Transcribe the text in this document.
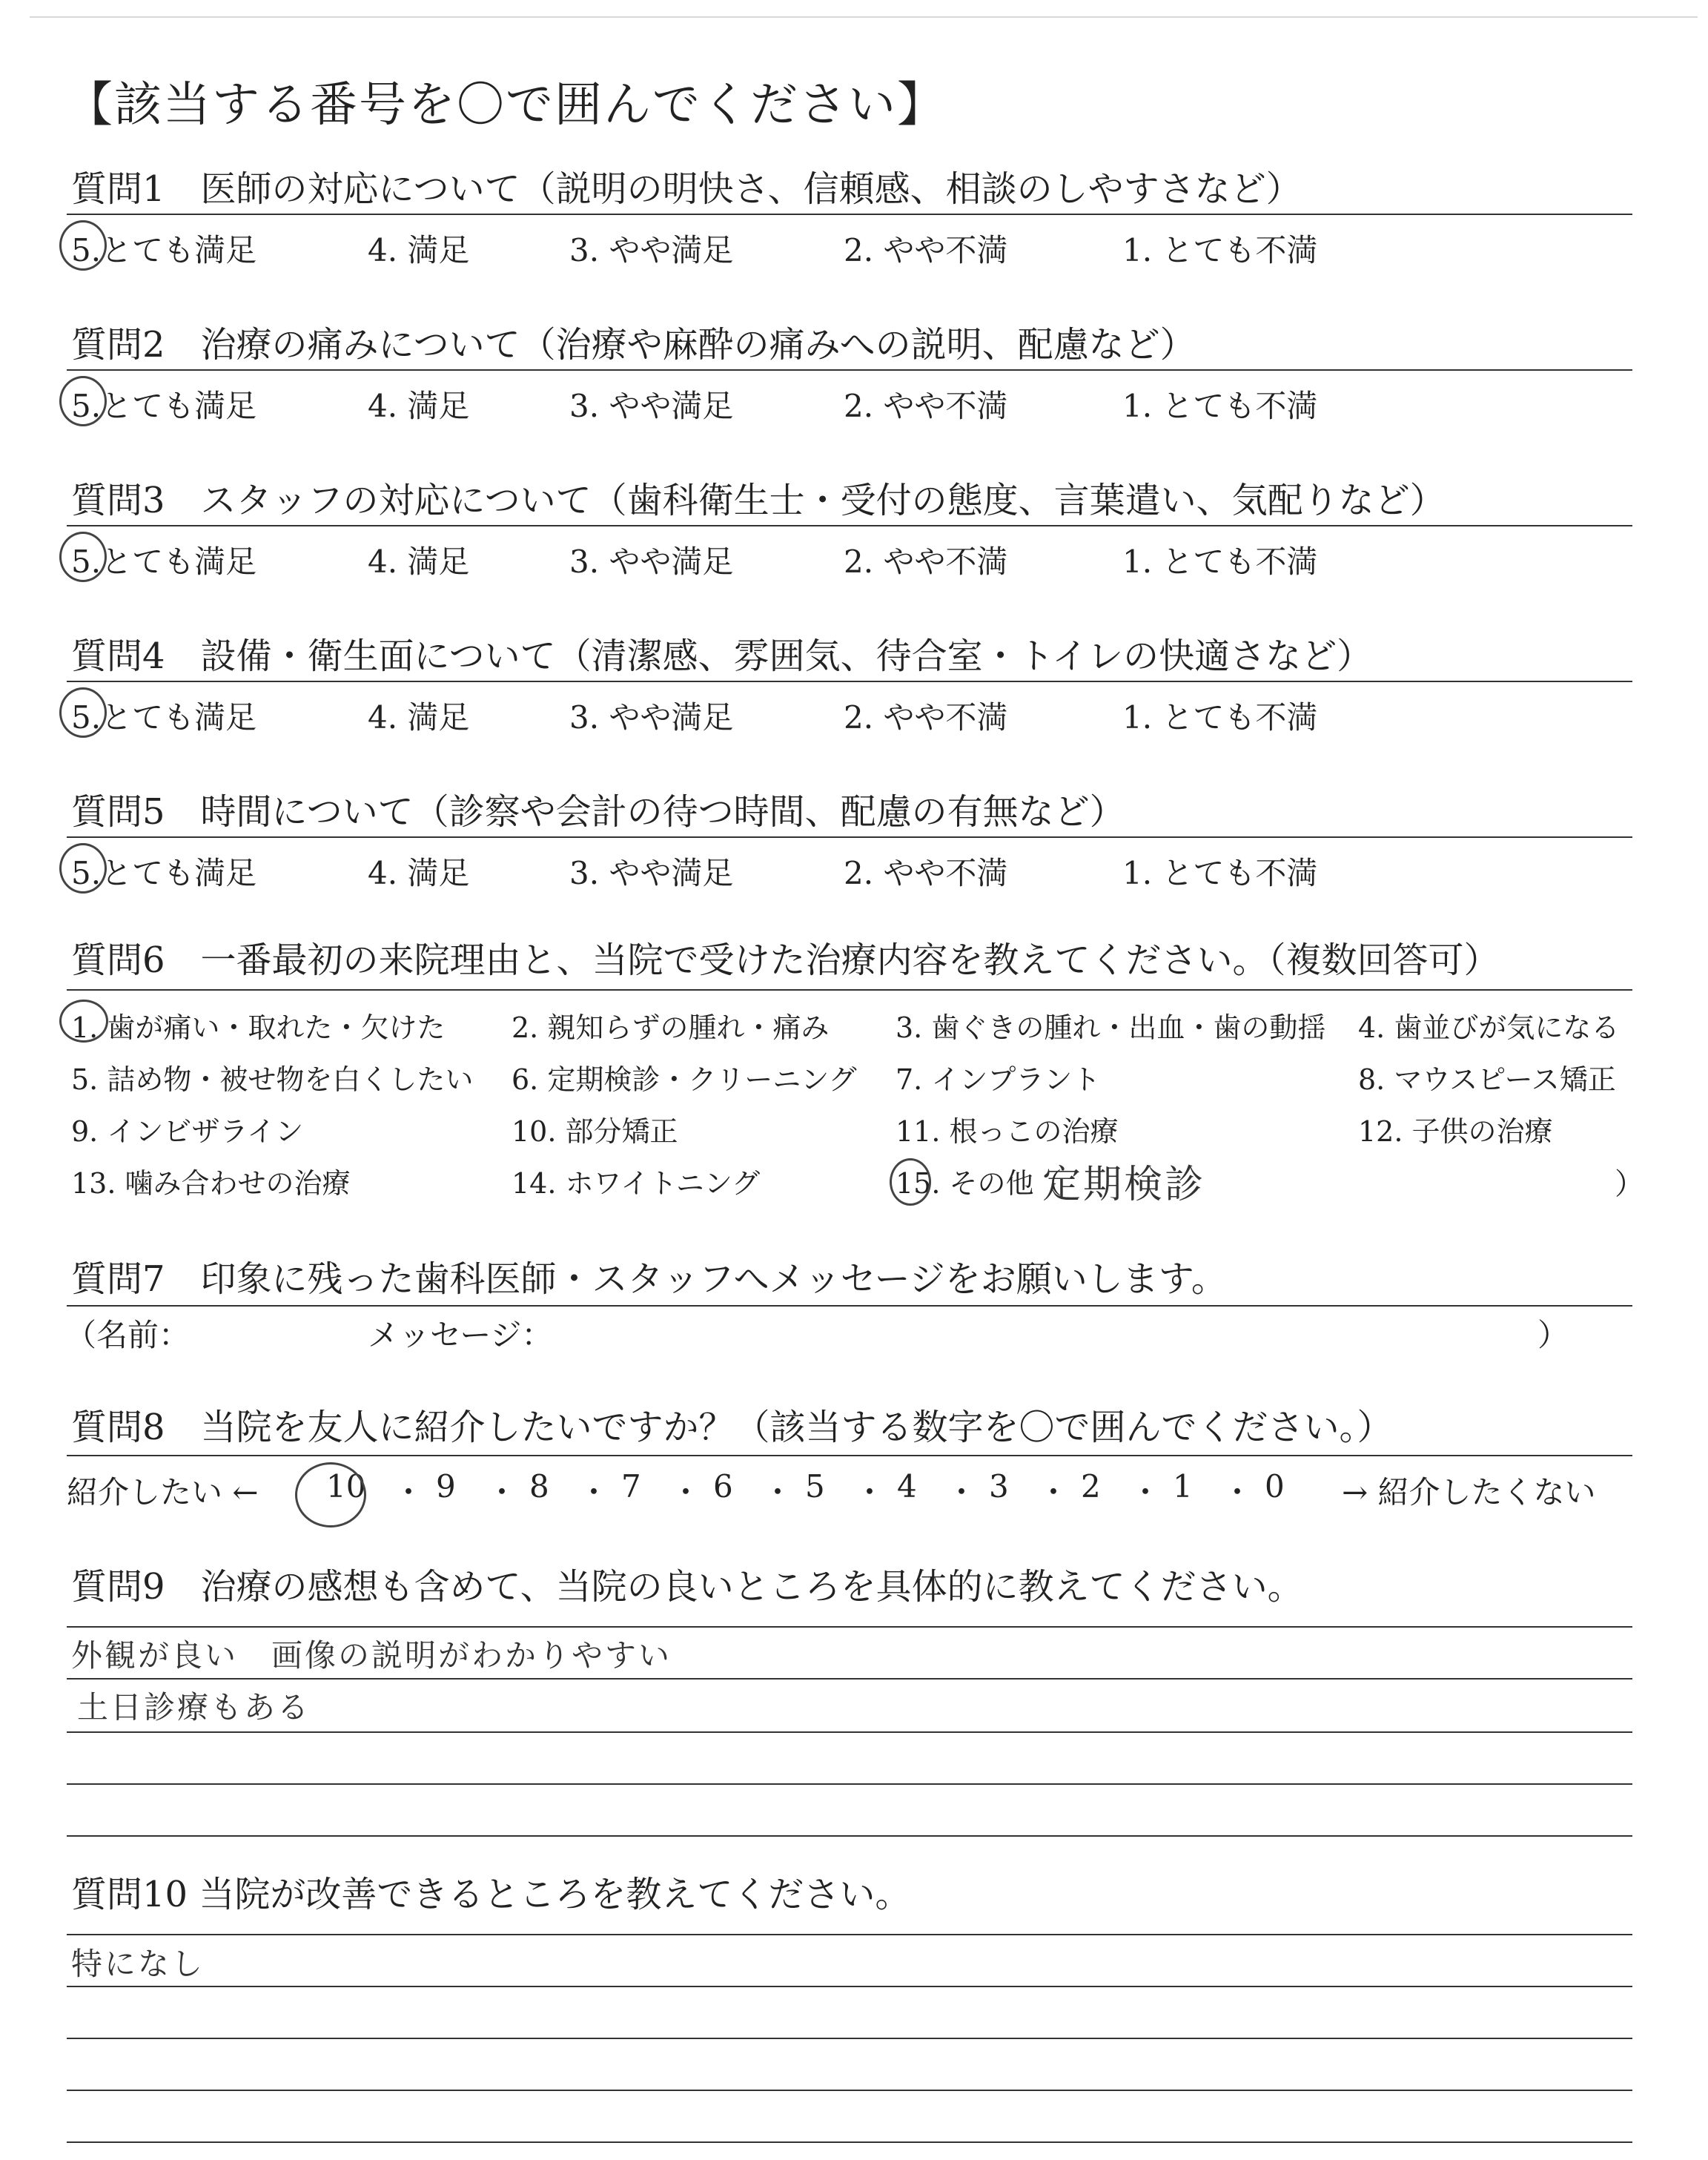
【該当する番号を〇で囲んでください】
質問1　医師の対応について（説明の明快さ、信頼感、相談のしやすさなど）
5.とても満足	4. 満足	3. やや満足	2. やや不満	1. とても不満
質問2　治療の痛みについて（治療や麻酔の痛みへの説明、配慮など）
5.とても満足	4. 満足	3. やや満足	2. やや不満	1. とても不満
質問3　スタッフの対応について（歯科衛生士・受付の態度、言葉遣い、気配りなど）
5.とても満足	4. 満足	3. やや満足	2. やや不満	1. とても不満
質問4　設備・衛生面について（清潔感、雰囲気、待合室・トイレの快適さなど）
5.とても満足	4. 満足	3. やや満足	2. やや不満	1. とても不満
質問5　時間について（診察や会計の待つ時間、配慮の有無など）
5.とても満足	4. 満足	3. やや満足	2. やや不満	1. とても不満
質問6　一番最初の来院理由と、当院で受けた治療内容を教えてください。（複数回答可）
1. 歯が痛い・取れた・欠けた 2. 親知らずの腫れ・痛み 3. 歯ぐきの腫れ・出血・歯の動揺 4. 歯並びが気になる
5. 詰め物・被せ物を白くしたい 6. 定期検診・クリーニング 7. インプラント	8. マウスピース矯正
9. インビザライン	10. 部分矯正	11. 根っこの治療	12. 子供の治療
13. 噛み合わせの治療	14. ホワイトニング	15. その他（
定期検診	）
質問7　印象に残った歯科医師・スタッフへメッセージをお願いします。
（名前：	メッセージ：	）
質問8　当院を友人に紹介したいですか？（該当する数字を〇で囲んでください。）
紹介したい ← 10 ・ 9 ・ 8 ・ 7 ・ 6 ・ 5 ・ 4 ・ 3 ・ 2 ・ 1 ・ 0 → 紹介したくない
質問9　治療の感想も含めて、当院の良いところを具体的に教えてください。
外観が良い　画像の説明がわかりやすい
土日診療もある
質問10 当院が改善できるところを教えてください。
特になし
